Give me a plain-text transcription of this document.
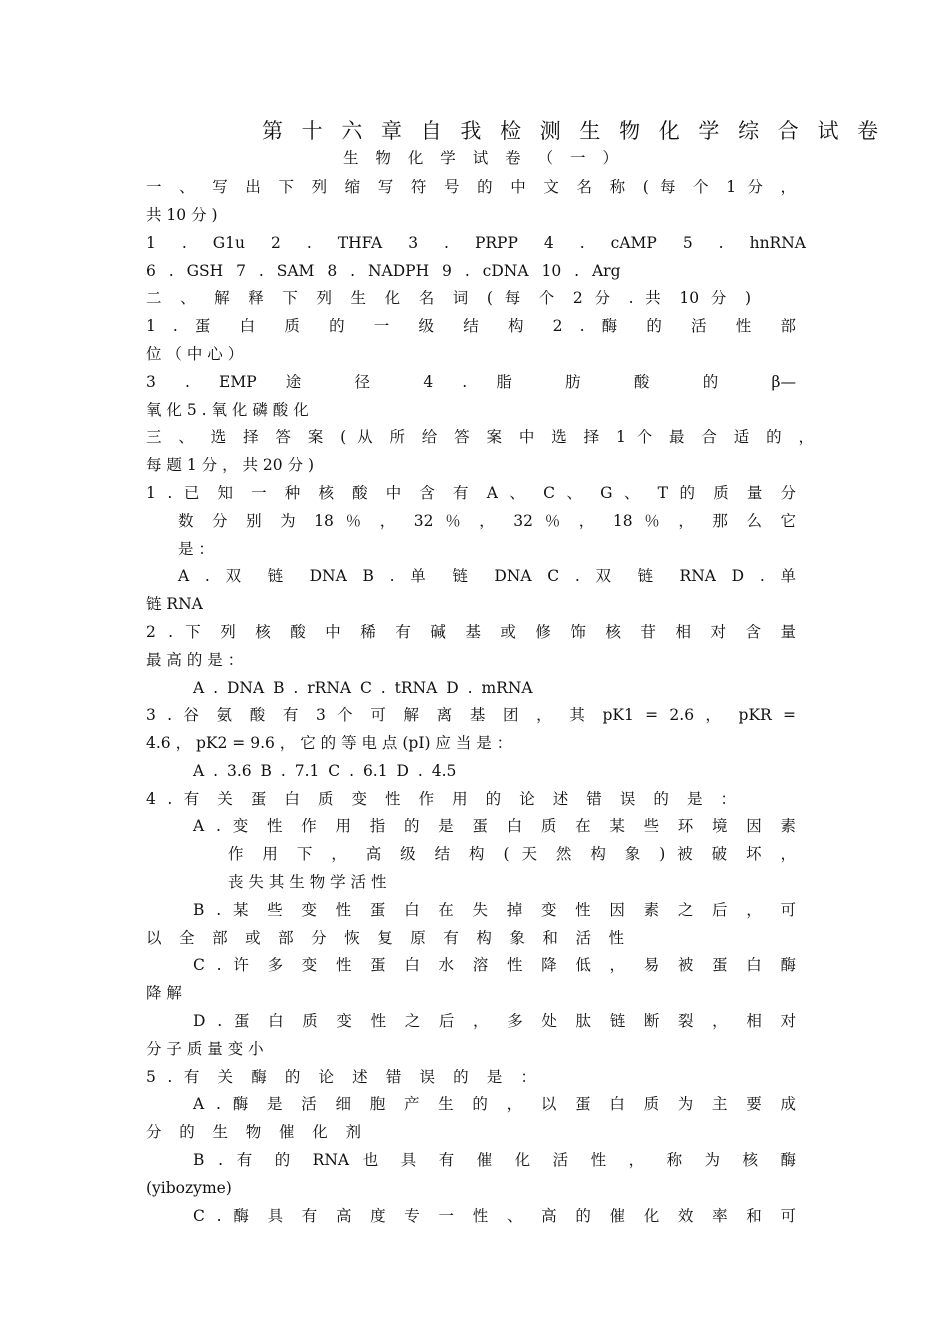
第 十 六 章 自 我 检 测 生 物 化 学 综 合 试 卷
生 物 化 学 试 卷 （ 一 ）
一 、 写 出 下 列 缩 写 符 号 的 中 文 名 称 ( 每 个 1 分 ，
共 10 分 )
1 . G1u 2 . THFA 3 . PRPP 4 . cAMP 5 . hnRNA
6 . GSH 7 . SAM 8 . NADPH 9 . cDNA 10 . Arg
二 、 解 释 下 列 生 化 名 词 ( 每 个 2 分 . 共 10 分 )
1 . 蛋 白 质 的 一 级 结 构 2 . 酶 的 活 性 部
位 （ 中 心 ）
3 . EMP 途 径 4 . 脂 肪 酸 的 β—
氧 化 5 . 氧 化 磷 酸 化
三 、 选 择 答 案 ( 从 所 给 答 案 中 选 择 1 个 最 合 适 的 ，
每 题 1 分 ， 共 20 分 )
1 . 已 知 一 种 核 酸 中 含 有 A 、 C 、 G 、 T 的 质 量 分
数 分 别 为 18 ％ ， 32 ％ ， 32 ％ ， 18 ％ ， 那 么 它
是 ：
A . 双 链 DNA B . 单 链 DNA C . 双 链 RNA D . 单
链 RNA
2 . 下 列 核 酸 中 稀 有 碱 基 或 修 饰 核 苷 相 对 含 量
最 高 的 是 ：
A . DNA B . rRNA C . tRNA D . mRNA
3 . 谷 氨 酸 有 3 个 可 解 离 基 团 ， 其 pK1 = 2.6 ， pKR =
4.6 ， pK2 = 9.6 ， 它 的 等 电 点 (pI) 应 当 是 ：
A . 3.6 B . 7.1 C . 6.1 D . 4.5
4 . 有 关 蛋 白 质 变 性 作 用 的 论 述 错 误 的 是 ：
A . 变 性 作 用 指 的 是 蛋 白 质 在 某 些 环 境 因 素
作 用 下 ， 高 级 结 构 ( 天 然 构 象 ) 被 破 坏 ，
丧 失 其 生 物 学 活 性
B . 某 些 变 性 蛋 白 在 失 掉 变 性 因 素 之 后 ， 可
以 全 部 或 部 分 恢 复 原 有 构 象 和 活 性
C . 许 多 变 性 蛋 白 水 溶 性 降 低 ， 易 被 蛋 白 酶
降 解
D . 蛋 白 质 变 性 之 后 ， 多 处 肽 链 断 裂 ， 相 对
分 子 质 量 变 小
5 . 有 关 酶 的 论 述 错 误 的 是 ：
A . 酶 是 活 细 胞 产 生 的 ， 以 蛋 白 质 为 主 要 成
分 的 生 物 催 化 剂
B . 有 的 RNA 也 具 有 催 化 活 性 ， 称 为 核 酶
(yibozyme)
C . 酶 具 有 高 度 专 一 性 、 高 的 催 化 效 率 和 可
